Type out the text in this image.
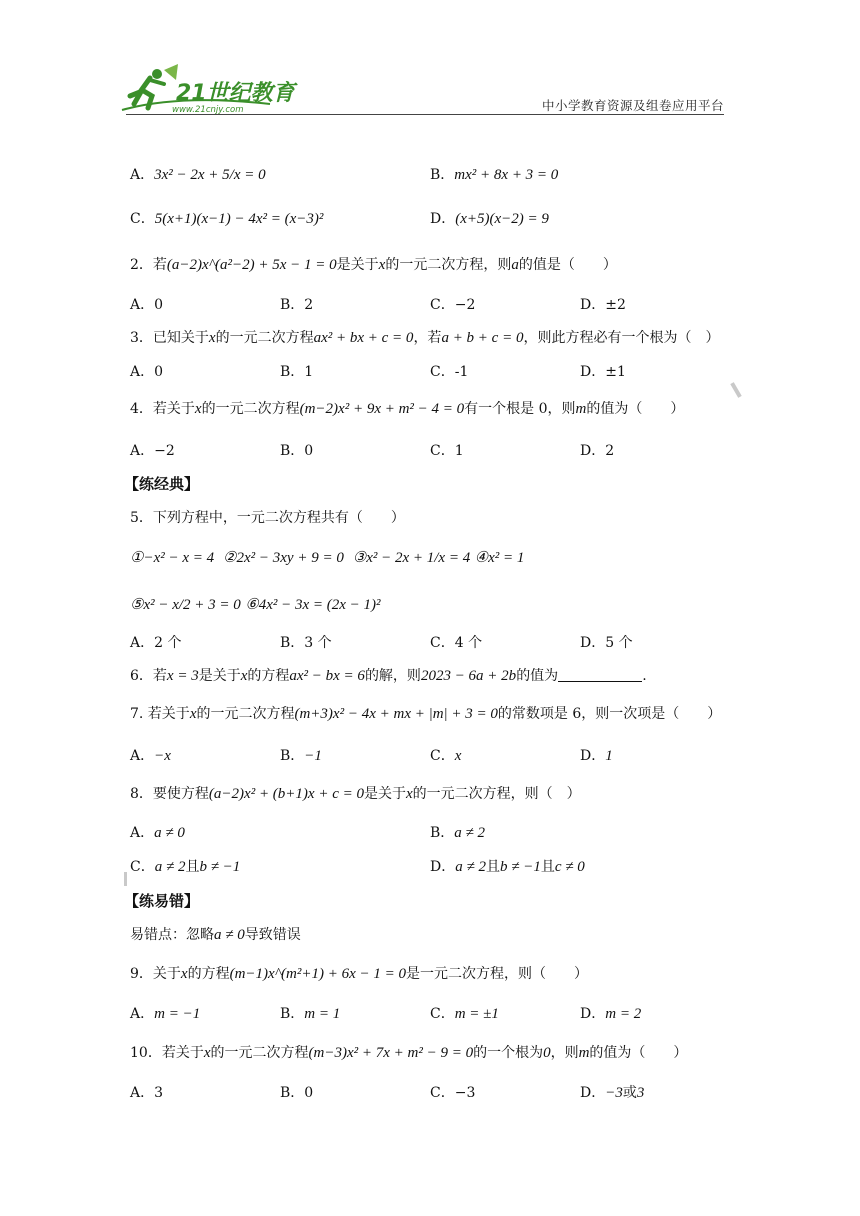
21世纪教育
www.21cnjy.com	中小学教育资源及组卷应用平台
A．3x² − 2x + 5/x = 0	B．mx² + 8x + 3 = 0
C．5(x+1)(x−1) − 4x² = (x−3)²	D．(x+5)(x−2) = 9
2．若(a−2)x^(a²−2) + 5x − 1 = 0是关于x的一元二次方程，则a的值是（　　）
A．0	B．2	C．−2	D．±2
3．已知关于x的一元二次方程ax² + bx + c = 0，若a + b + c = 0，则此方程必有一个根为（　）
A．0	B．1	C．-1	D．±1
4．若关于x的一元二次方程(m−2)x² + 9x + m² − 4 = 0有一个根是 0，则m的值为（　　）
A．−2	B．0	C．1	D．2
【练经典】
5．下列方程中，一元二次方程共有（　　）
①−x² − x = 4 ②2x² − 3xy + 9 = 0 ③x² − 2x + 1/x = 4 ④x² = 1
⑤x² − x/2 + 3 = 0 ⑥4x² − 3x = (2x − 1)²
A．2 个	B．3 个	C．4 个	D．5 个
6．若x = 3是关于x的方程ax² − bx = 6的解，则2023 − 6a + 2b的值为	.
7. 若关于x的一元二次方程(m+3)x² − 4x + mx + |m| + 3 = 0的常数项是 6，则一次项是（　　）
A．−x	B．−1	C．x	D．1
8．要使方程(a−2)x² + (b+1)x + c = 0是关于x的一元二次方程，则（　）
A．a ≠ 0	B．a ≠ 2
C．a ≠ 2且b ≠ −1	D．a ≠ 2且b ≠ −1且c ≠ 0
【练易错】
易错点：忽略a ≠ 0导致错误
9．关于x的方程(m−1)x^(m²+1) + 6x − 1 = 0是一元二次方程，则（　　）
A．m = −1	B．m = 1	C．m = ±1	D．m = 2
10．若关于x的一元二次方程(m−3)x² + 7x + m² − 9 = 0的一个根为0，则m的值为（　　）
A．3	B．0	C．−3	D．−3或3
